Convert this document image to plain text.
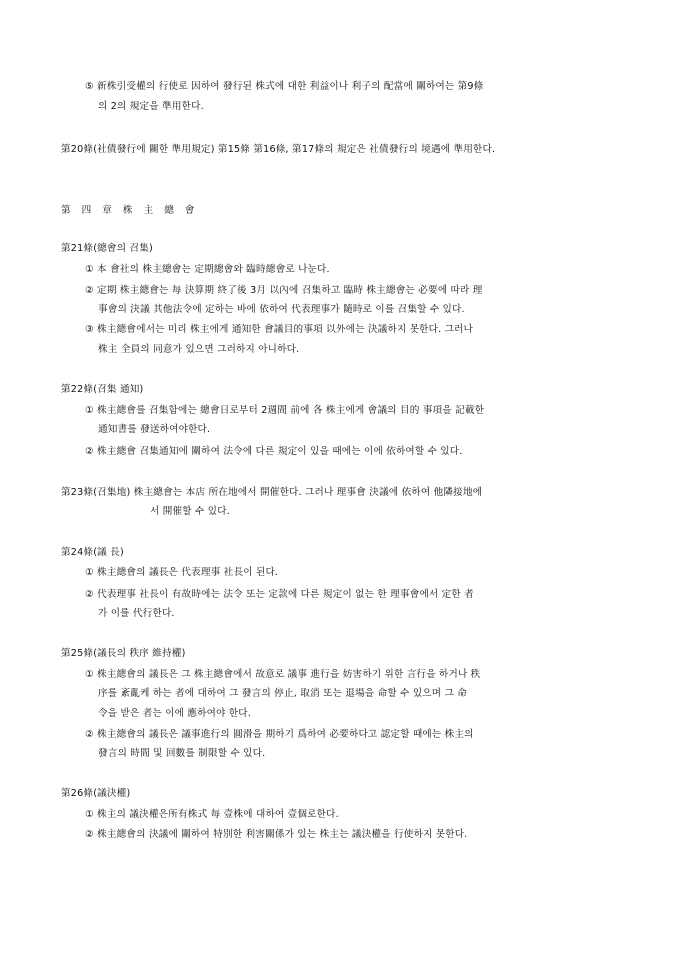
⑤ 新株引受權의 行使로 因하여 發行된 株式에 대한 利益이나 利子의 配當에 關하여는 第9條
의 2의 規定을 準用한다.
第20條(社債發行에 關한 準用規定) 第15條 第16條, 第17條의 規定은 社債發行의 境遇에 準用한다.
第 四 章 株 主 總 會
第21條(總會의 召集)
① 本 會社의 株主總會는 定期總會와 臨時總會로 나눈다.
② 定期 株主總會는 每 決算期 終了後 3月 以內에 召集하고 臨時 株主總會는 必要에 따라 理
事會의 決議 其他法令에 定하는 바에 依하여 代表理事가 隨時로 이를 召集할 수 있다.
③ 株主總會에서는 미리 株主에게 通知한 會議目的事項 以外에는 決議하지 못한다. 그러나
株主 全員의 同意가 있으면 그러하지 아니하다.
第22條(召集 通知)
① 株主總會를 召集함에는 總會日로부터 2週間 前에 各 株主에게 會議의 目的 事項을 記載한
通知書를 發送하여야한다.
② 株主總會 召集通知에 關하여 法令에 다른 規定이 있을 때에는 이에 依하여할 수 있다.
第23條(召集地) 株主總會는 本店 所在地에서 開催한다. 그러나 理事會 決議에 依하여 他隣接地에
서 開催할 수 있다.
第24條(議 長)
① 株主總會의 議長은 代表理事 社長이 된다.
② 代表理事 社長이 有故時에는 法令 또는 定款에 다른 規定이 없는 한 理事會에서 定한 者
가 이를 代行한다.
第25條(議長의 秩序 維持權)
① 株主總會의 議長은 그 株主總會에서 故意로 議事 進行을 妨害하기 위한 言行을 하거나 秩
序를 紊亂케 하는 者에 대하여 그 發言의 停止, 取消 또는 退場을 命할 수 있으며 그 命
令을 받은 者는 이에 應하여야 한다.
② 株主總會의 議長은 議事進行의 圓滑을 期하기 爲하여 必要하다고 認定할 때에는 株主의
發言의 時間 및 回數를 制限할 수 있다.
第26條(議決權)
① 株主의 議決權은所有株式 每 壹株에 대하여 壹個로한다.
② 株主總會의 決議에 關하여 特別한 利害關係가 있는 株主는 議決權을 行使하지 못한다.
